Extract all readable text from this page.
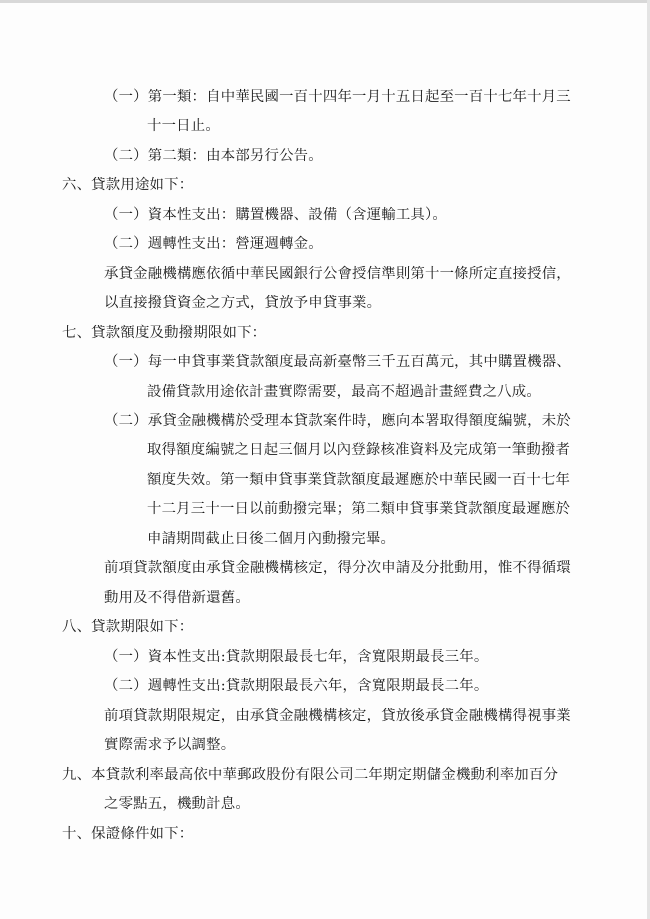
（一）第一類：自中華民國一百十四年一月十五日起至一百十七年十月三
十一日止。
（二）第二類：由本部另行公告。
六、貸款用途如下：
（一）資本性支出：購置機器、設備（含運輸工具）。
（二）週轉性支出：營運週轉金。
承貸金融機構應依循中華民國銀行公會授信準則第十一條所定直接授信，
以直接撥貸資金之方式，貸放予申貸事業。
七、貸款額度及動撥期限如下：
（一）每一申貸事業貸款額度最高新臺幣三千五百萬元，其中購置機器、
設備貸款用途依計畫實際需要，最高不超過計畫經費之八成。
（二）承貸金融機構於受理本貸款案件時，應向本署取得額度編號，未於
取得額度編號之日起三個月以內登錄核准資料及完成第一筆動撥者
額度失效。第一類申貸事業貸款額度最遲應於中華民國一百十七年
十二月三十一日以前動撥完畢；第二類申貸事業貸款額度最遲應於
申請期間截止日後二個月內動撥完畢。
前項貸款額度由承貸金融機構核定，得分次申請及分批動用，惟不得循環
動用及不得借新還舊。
八、貸款期限如下：
（一）資本性支出:貸款期限最長七年，含寬限期最長三年。
（二）週轉性支出:貸款期限最長六年，含寬限期最長二年。
前項貸款期限規定，由承貸金融機構核定，貸放後承貸金融機構得視事業
實際需求予以調整。
九、本貸款利率最高依中華郵政股份有限公司二年期定期儲金機動利率加百分
之零點五，機動計息。
十、保證條件如下：
